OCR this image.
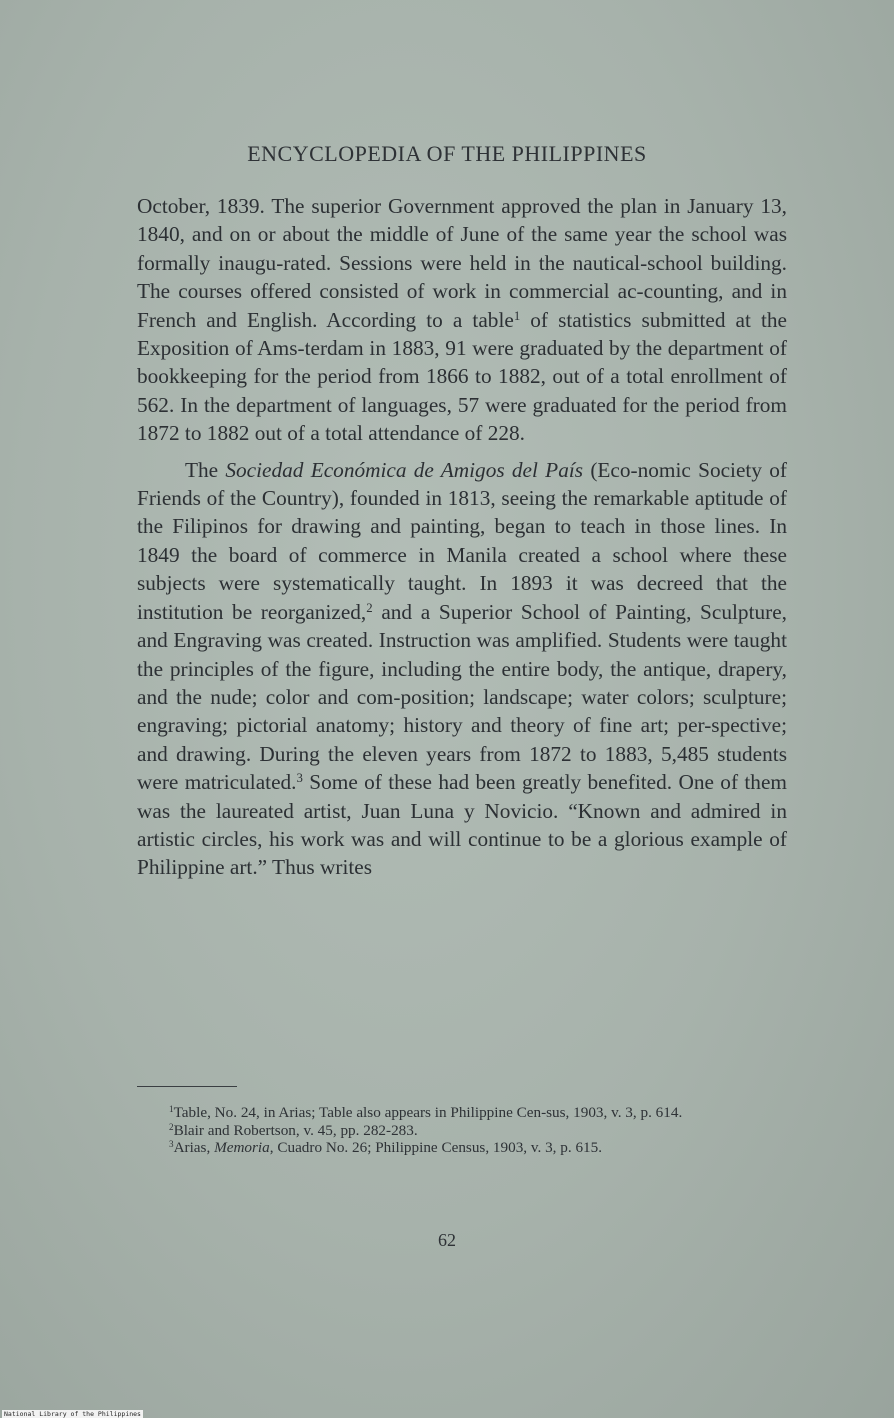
ENCYCLOPEDIA OF THE PHILIPPINES

October, 1839. The superior Government approved the plan in January 13, 1840, and on or about the middle of June of the same year the school was formally inaugu-rated. Sessions were held in the nautical-school building. The courses offered consisted of work in commercial ac-counting, and in French and English. According to a table$^1$ of statistics submitted at the Exposition of Ams-terdam in 1883, 91 were graduated by the department of bookkeeping for the period from 1866 to 1882, out of a total enrollment of 562. In the department of languages, 57 were graduated for the period from 1872 to 1882 out of a total attendance of 228.

The Sociedad Económica de Amigos del País (Eco-nomic Society of Friends of the Country), founded in 1813, seeing the remarkable aptitude of the Filipinos for drawing and painting, began to teach in those lines. In 1849 the board of commerce in Manila created a school where these subjects were systematically taught. In 1893 it was decreed that the institution be reorganized,$^2$ and a Superior School of Painting, Sculpture, and Engraving was created. Instruction was amplified. Students were taught the principles of the figure, including the entire body, the antique, drapery, and the nude; color and com-position; landscape; water colors; sculpture; engraving; pictorial anatomy; history and theory of fine art; per-spective; and drawing. During the eleven years from 1872 to 1883, 5,485 students were matriculated.$^3$ Some of these had been greatly benefited. One of them was the laureated artist, Juan Luna y Novicio. “Known and admired in artistic circles, his work was and will continue to be a glorious example of Philippine art.” Thus writes

$^1$Table, No. 24, in Arias; Table also appears in Philippine Cen-sus, 1903, v. 3, p. 614.

$^2$Blair and Robertson, v. 45, pp. 282-283.

$^3$Arias, Memoria, Cuadro No. 26; Philippine Census, 1903, v. 3, p. 615.

62
National Library of the Philippines
